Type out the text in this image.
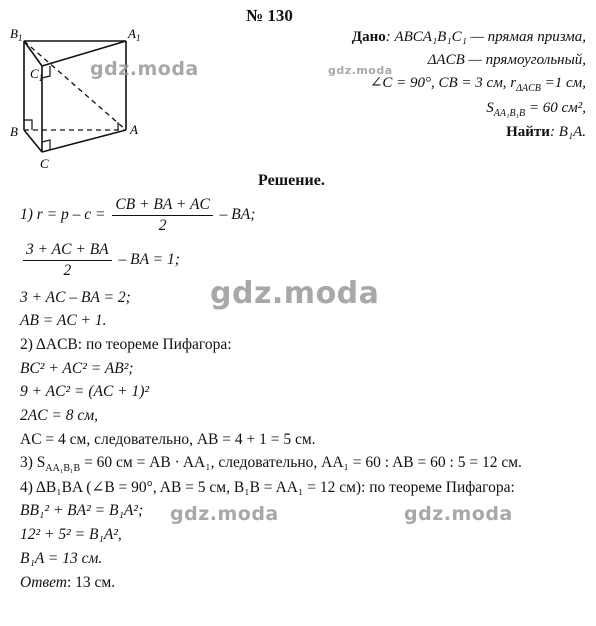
№ 130
$B_1$	$A_1$
$C_1$
B	A
C
Дано: ABCA₁B₁C₁ — прямая призма,
ΔACB — прямоугольный,
∠C = 90°, CB = 3 см, $r_{\Delta ACB} =1$ см,
$S_{AA_1B_1B} = 60$ см²,
Найти: B₁A.
Решение.
1) $r = p - c = \frac{CB + BA + AC}{2}$ – BA;
$\frac{3 + AC + BA}{2}$ – BA = 1;
3 + AC – BA = 2;
AB = AC + 1.
2) ΔACB: по теореме Пифагора:
BC² + AC² = AB²;
9 + AC² = (AC + 1)²
2AC = 8 см,
AC = 4 см, следовательно, AB = 4 + 1 = 5 см.
3) $S_{AA_1B_1B} = 60$ см = AB · AA₁, следовательно, AA₁ = 60 : AB = 60 : 5 = 12 см.
4) ΔB₁BA (∠B = 90°, AB = 5 см, B₁B = AA₁ = 12 см): по теореме Пифагора:
BB₁² + BA² = B₁A²;
12² + 5² = B₁A²,
B₁A = 13 см.
Ответ: 13 см.
gdz.moda	gdz.moda
gdz.moda
gdz.moda	gdz.moda
